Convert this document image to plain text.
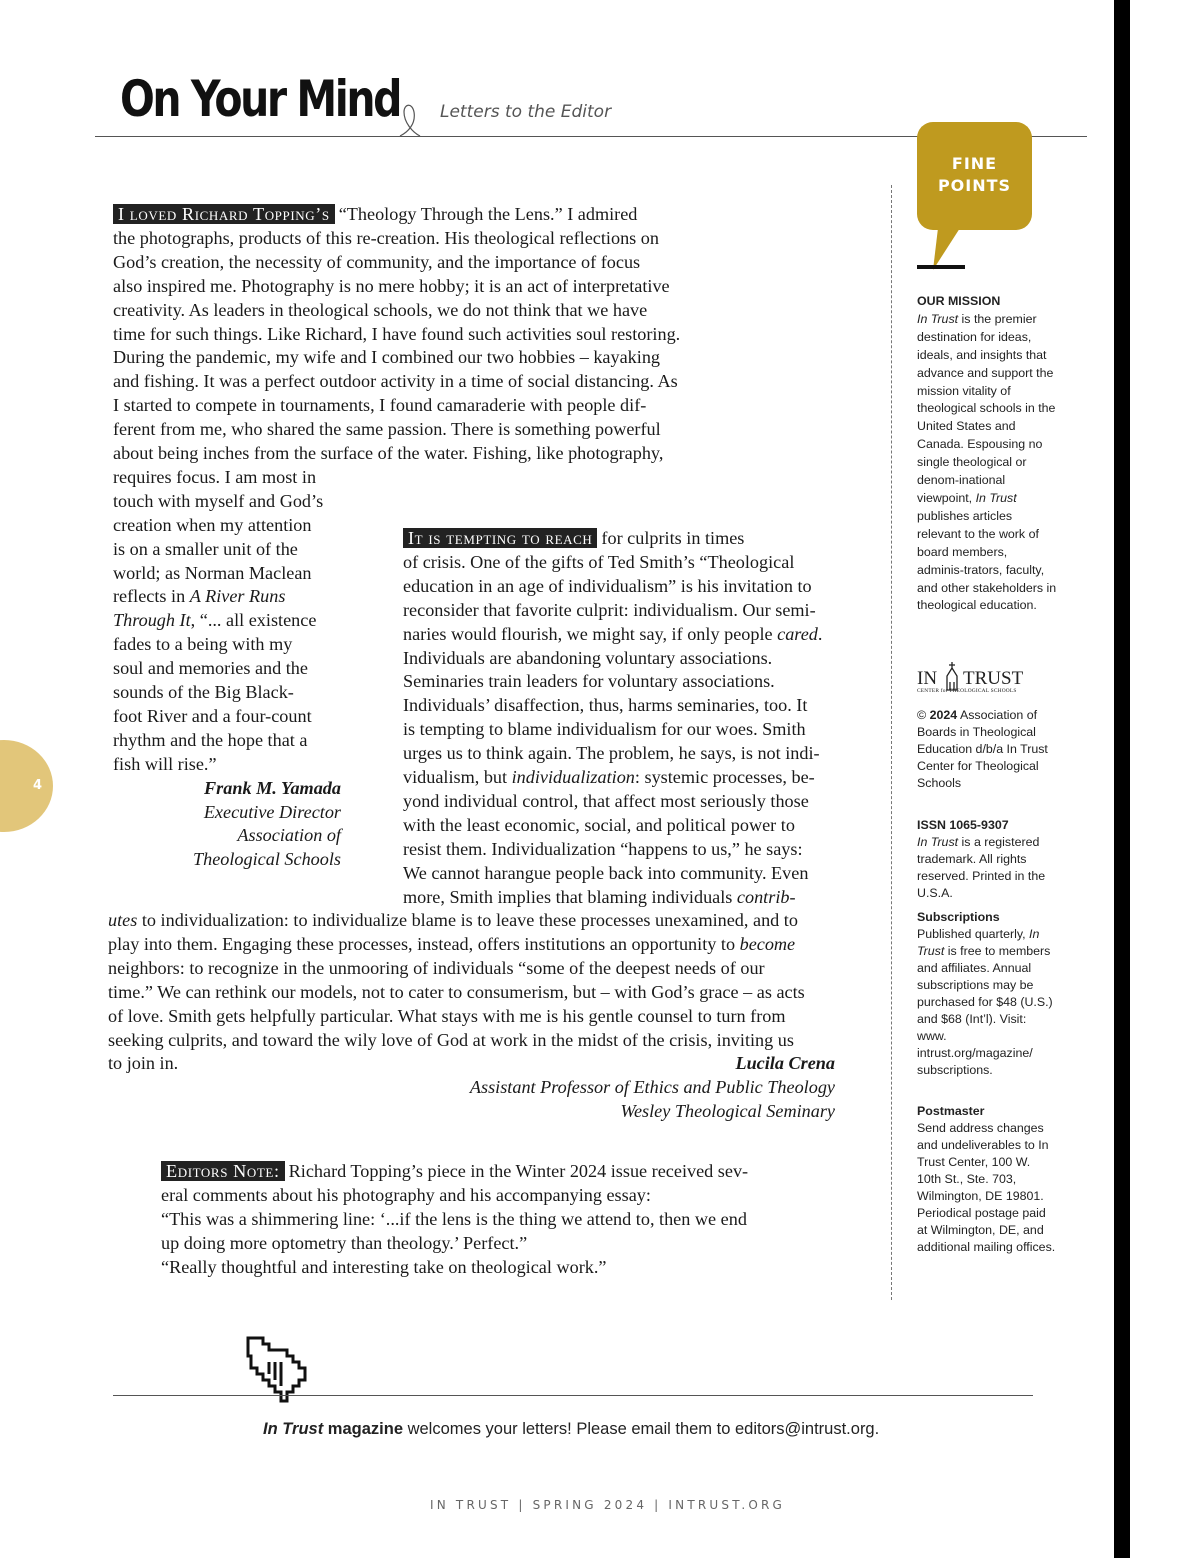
On Your Mind Letters to the Editor
FINE
POINTS
OUR MISSION
In Trust is the premier destination for ideas, ideals, and insights that advance and support the mission vitality of theological schools in the United States and Canada. Espousing no single theological or denom-inational viewpoint, In Trust publishes articles relevant to the work of board members, adminis-trators, faculty, and other stakeholders in theological education.
IN TRUST
CENTER for THEOLOGICAL SCHOOLS
© 2024 Association of Boards in Theological Education d/b/a In Trust Center for Theological Schools
ISSN 1065-9307
In Trust is a registered trademark. All rights reserved. Printed in the U.S.A.
Subscriptions
Published quarterly, In Trust is free to members and affiliates. Annual subscriptions may be purchased for $48 (U.S.) and $68 (Int’l). Visit: www. intrust.org/magazine/ subscriptions.
Postmaster
Send address changes and undeliverables to In Trust Center, 100 W. 10th St., Ste. 703, Wilmington, DE 19801. Periodical postage paid at Wilmington, DE, and additional mailing offices.
4
I loved Richard Topping’s “Theology Through the Lens.” I admired
the photographs, products of this re-creation. His theological reflections on
God’s creation, the necessity of community, and the importance of focus
also inspired me. Photography is no mere hobby; it is an act of interpretative
creativity. As leaders in theological schools, we do not think that we have
time for such things. Like Richard, I have found such activities soul restoring.
During the pandemic, my wife and I combined our two hobbies – kayaking
and fishing. It was a perfect outdoor activity in a time of social distancing. As
I started to compete in tournaments, I found camaraderie with people dif-
ferent from me, who shared the same passion. There is something powerful
about being inches from the surface of the water. Fishing, like photography,
requires focus. I am most in
touch with myself and God’s
creation when my attention
is on a smaller unit of the
world; as Norman Maclean
reflects in A River Runs
Through It, “... all existence
fades to a being with my
soul and memories and the
sounds of the Big Black-
foot River and a four-count
rhythm and the hope that a
fish will rise.”
Frank M. Yamada
Executive Director
Association of
Theological Schools
It is tempting to reach for culprits in times
of crisis. One of the gifts of Ted Smith’s “Theological
education in an age of individualism” is his invitation to
reconsider that favorite culprit: individualism. Our semi-
naries would flourish, we might say, if only people cared.
Individuals are abandoning voluntary associations.
Seminaries train leaders for voluntary associations.
Individuals’ disaffection, thus, harms seminaries, too. It
is tempting to blame individualism for our woes. Smith
urges us to think again. The problem, he says, is not indi-
vidualism, but individualization: systemic processes, be-
yond individual control, that affect most seriously those
with the least economic, social, and political power to
resist them. Individualization “happens to us,” he says:
We cannot harangue people back into community. Even
more, Smith implies that blaming individuals contrib-
utes to individualization: to individualize blame is to leave these processes unexamined, and to
play into them. Engaging these processes, instead, offers institutions an opportunity to become
neighbors: to recognize in the unmooring of individuals “some of the deepest needs of our
time.” We can rethink our models, not to cater to consumerism, but – with God’s grace – as acts
of love. Smith gets helpfully particular. What stays with me is his gentle counsel to turn from
seeking culprits, and toward the wily love of God at work in the midst of the crisis, inviting us
to join in.	Lucila Crena
Assistant Professor of Ethics and Public Theology
Wesley Theological Seminary
Editors Note: Richard Topping’s piece in the Winter 2024 issue received sev-
eral comments about his photography and his accompanying essay:
“This was a shimmering line: ‘...if the lens is the thing we attend to, then we end
up doing more optometry than theology.’ Perfect.”
“Really thoughtful and interesting take on theological work.”
In Trust magazine welcomes your letters! Please email them to editors@intrust.org.
IN TRUST | SPRING 2024 | INTRUST.ORG
